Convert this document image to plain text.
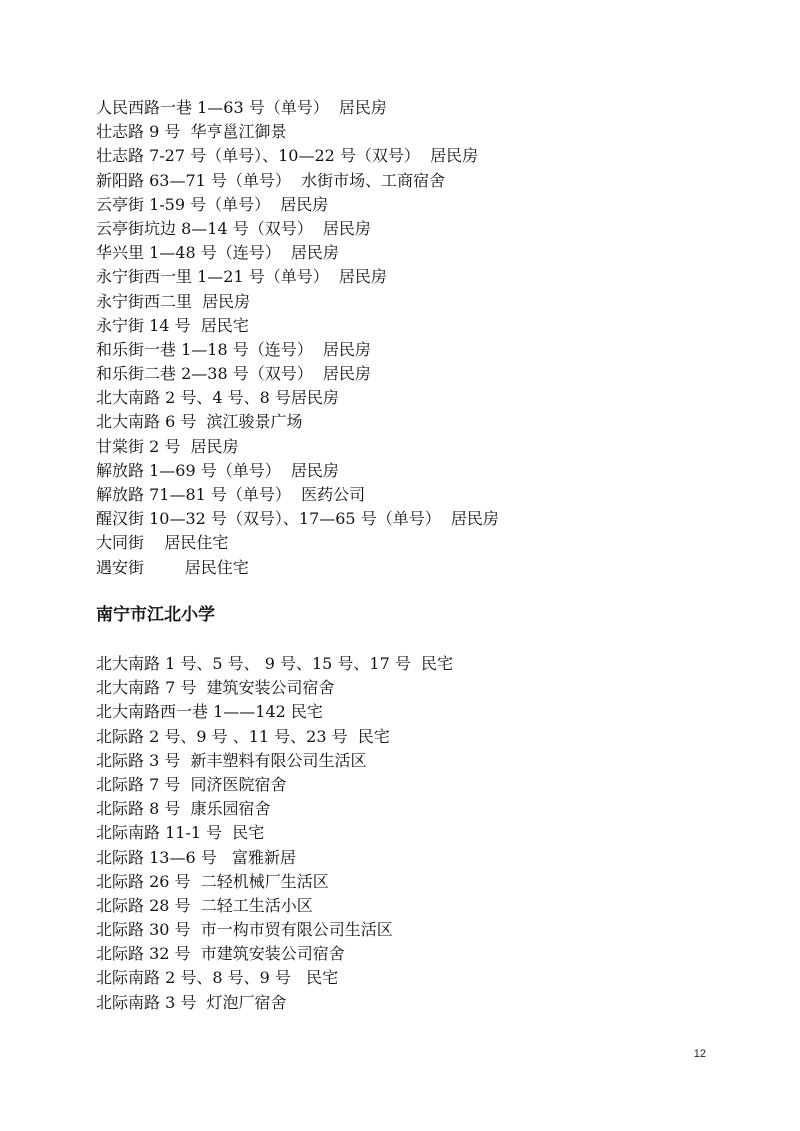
人民西路一巷 1—63 号（单号）  居民房
壮志路 9 号  华亨邕江御景
壮志路 7-27 号（单号）、10—22 号（双号）  居民房
新阳路 63—71 号（单号）  水街市场、工商宿舍
云亭街 1-59 号（单号）  居民房
云亭街坑边 8—14 号（双号）  居民房
华兴里 1—48 号（连号）  居民房
永宁街西一里 1—21 号（单号）  居民房
永宁街西二里  居民房
永宁街 14 号  居民宅
和乐街一巷 1—18 号（连号）  居民房
和乐街二巷 2—38 号（双号）  居民房
北大南路 2 号、4 号、8 号居民房
北大南路 6 号  滨江骏景广场
甘棠街 2 号  居民房
解放路 1—69 号（单号）  居民房
解放路 71—81 号（单号）  医药公司
醒汉街 10—32 号（双号）、17—65 号（单号）  居民房
大同街    居民住宅
遇安街        居民住宅
南宁市江北小学
北大南路 1 号、5 号、 9 号、15 号、17 号  民宅
北大南路 7 号  建筑安装公司宿舍
北大南路西一巷 1——142 民宅
北际路 2 号、9 号 、11 号、23 号  民宅
北际路 3 号  新丰塑料有限公司生活区
北际路 7 号  同济医院宿舍
北际路 8 号  康乐园宿舍
北际南路 11-1 号  民宅
北际路 13—6 号   富雅新居
北际路 26 号  二轻机械厂生活区
北际路 28 号  二轻工生活小区
北际路 30 号  市一构市贸有限公司生活区
北际路 32 号  市建筑安装公司宿舍
北际南路 2 号、8 号、9 号   民宅
北际南路 3 号  灯泡厂宿舍
12
